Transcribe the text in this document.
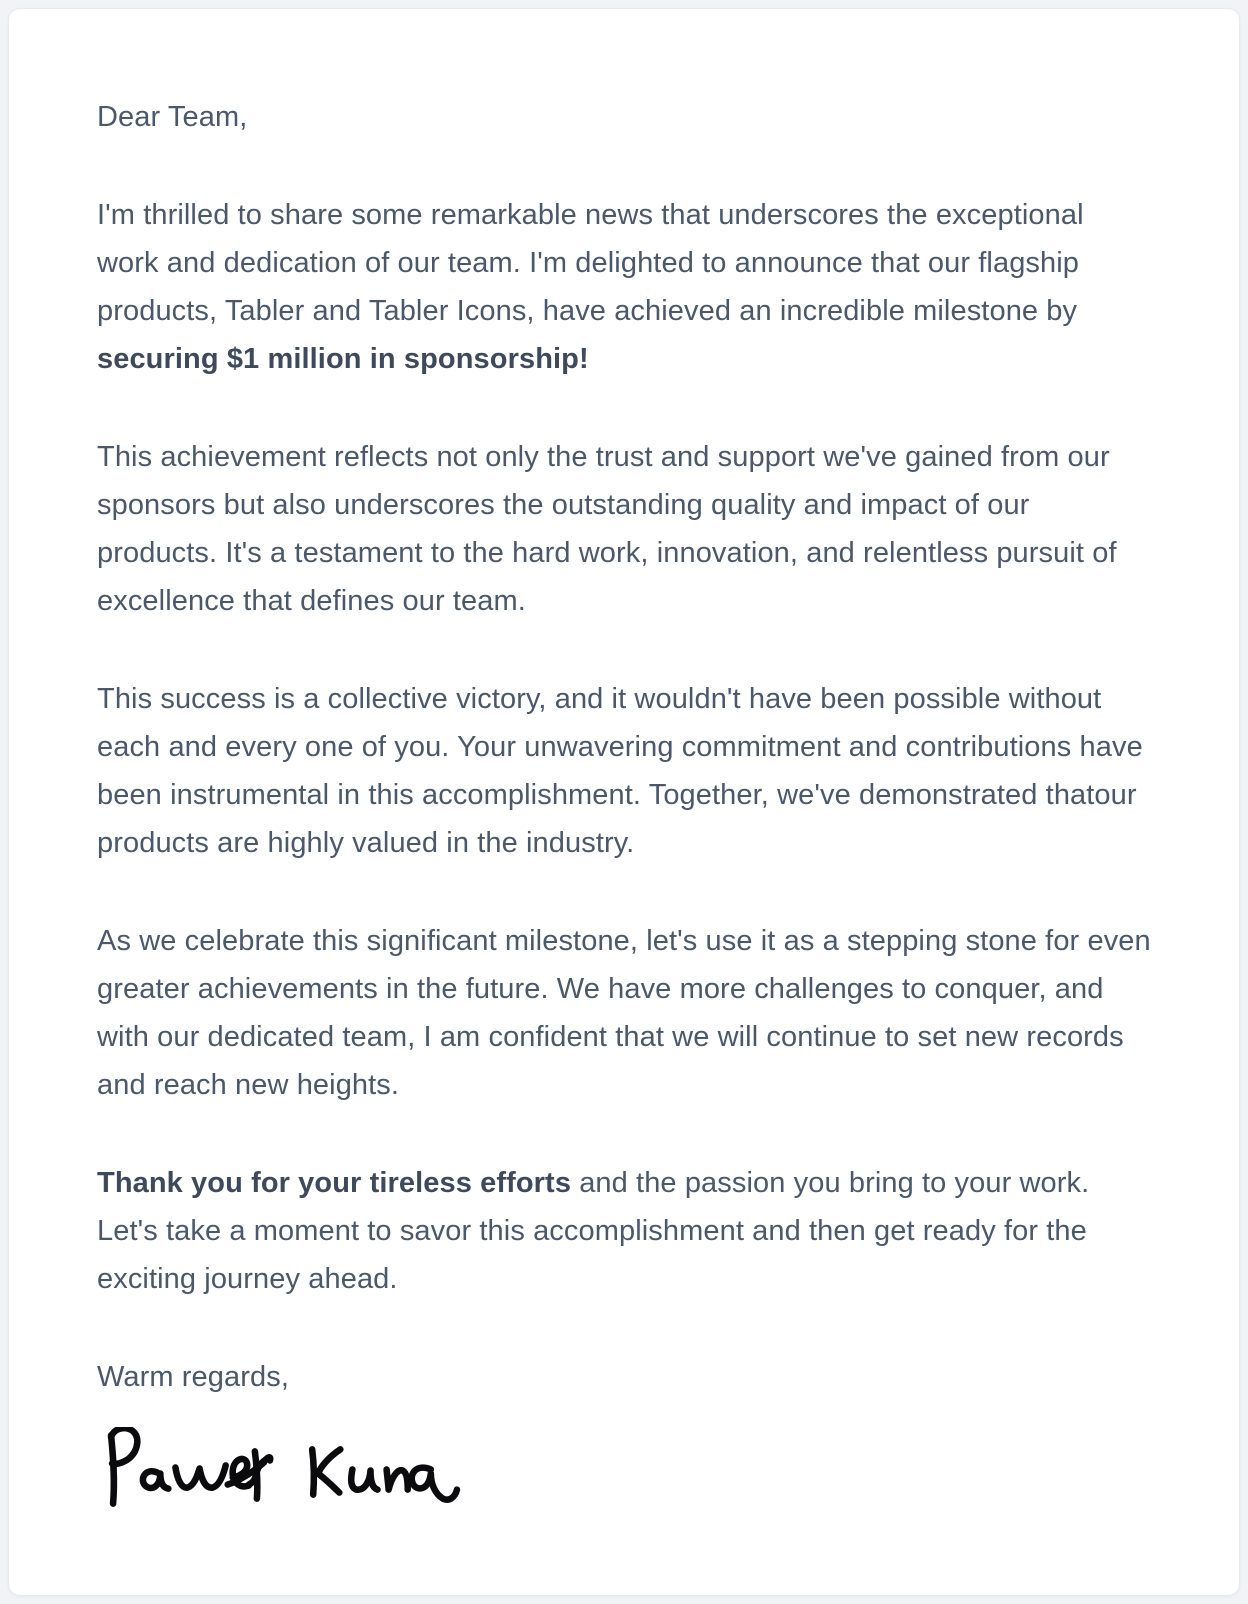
Dear Team,

I'm thrilled to share some remarkable news that underscores the exceptional work and dedication of our team. I'm delighted to announce that our flagship products, Tabler and Tabler Icons, have achieved an incredible milestone by securing $1 million in sponsorship!

This achievement reflects not only the trust and support we've gained from our sponsors but also underscores the outstanding quality and impact of our products. It's a testament to the hard work, innovation, and relentless pursuit of excellence that defines our team.

This success is a collective victory, and it wouldn't have been possible without each and every one of you. Your unwavering commitment and contributions have been instrumental in this accomplishment. Together, we've demonstrated thatour products are highly valued in the industry.

As we celebrate this significant milestone, let's use it as a stepping stone for even greater achievements in the future. We have more challenges to conquer, and with our dedicated team, I am confident that we will continue to set new records and reach new heights.

Thank you for your tireless efforts and the passion you bring to your work. Let's take a moment to savor this accomplishment and then get ready for the exciting journey ahead.

Warm regards,
